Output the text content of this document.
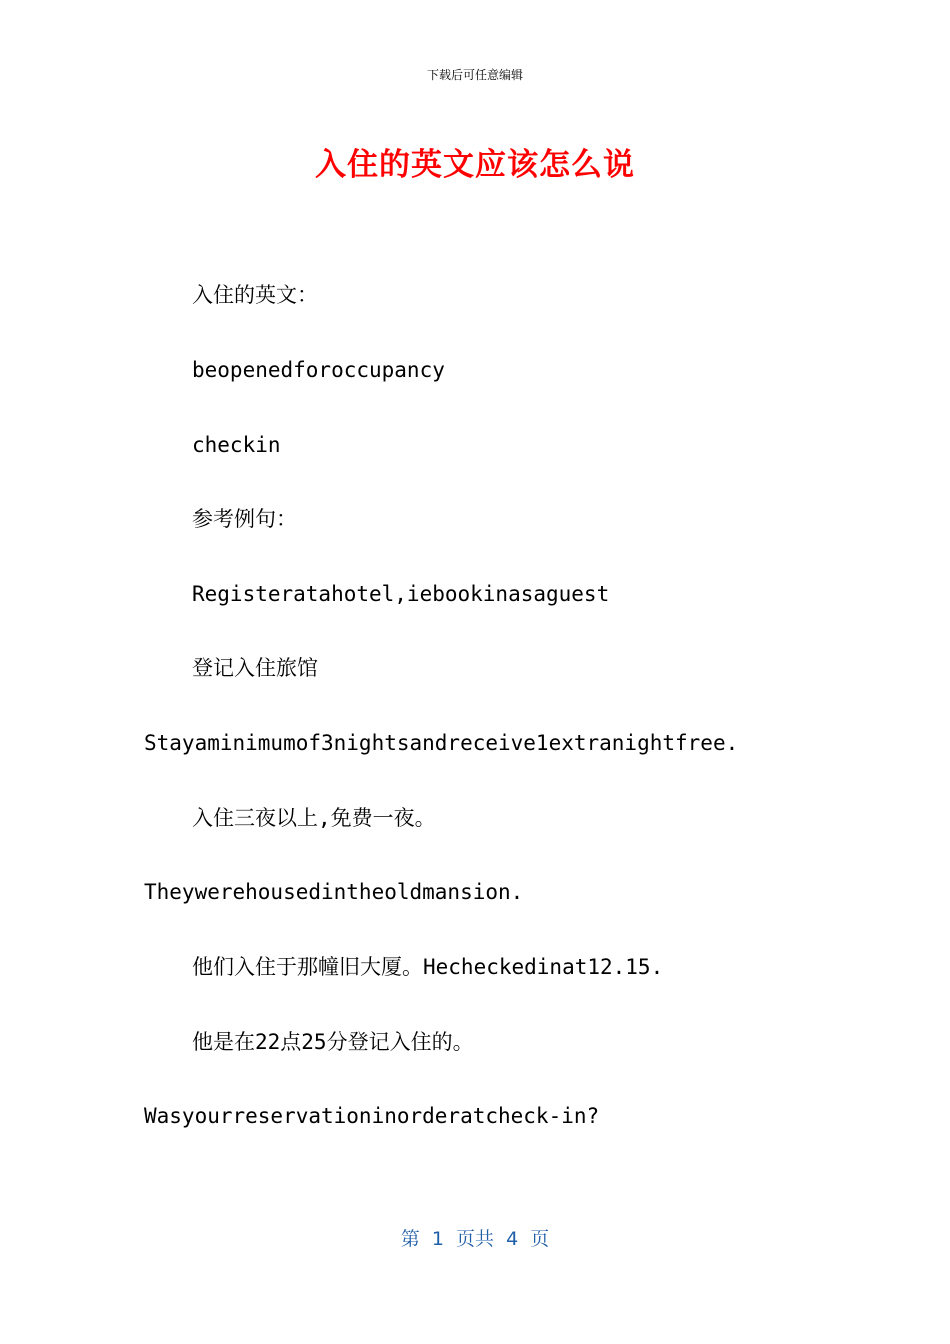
下载后可任意编辑
入住的英文应该怎么说
入住的英文：
beopenedforoccupancy
checkin
参考例句：
Registeratahotel,iebookinasaguest
登记入住旅馆
Stayaminimumof3nightsandreceive1extranightfree.
入住三夜以上,免费一夜。
Theywerehousedintheoldmansion.
他们入住于那幢旧大厦。Hecheckedinat12.15.
他是在22点25分登记入住的。
Wasyourreservationinorderatcheck-in?
第  1  页共  4  页
